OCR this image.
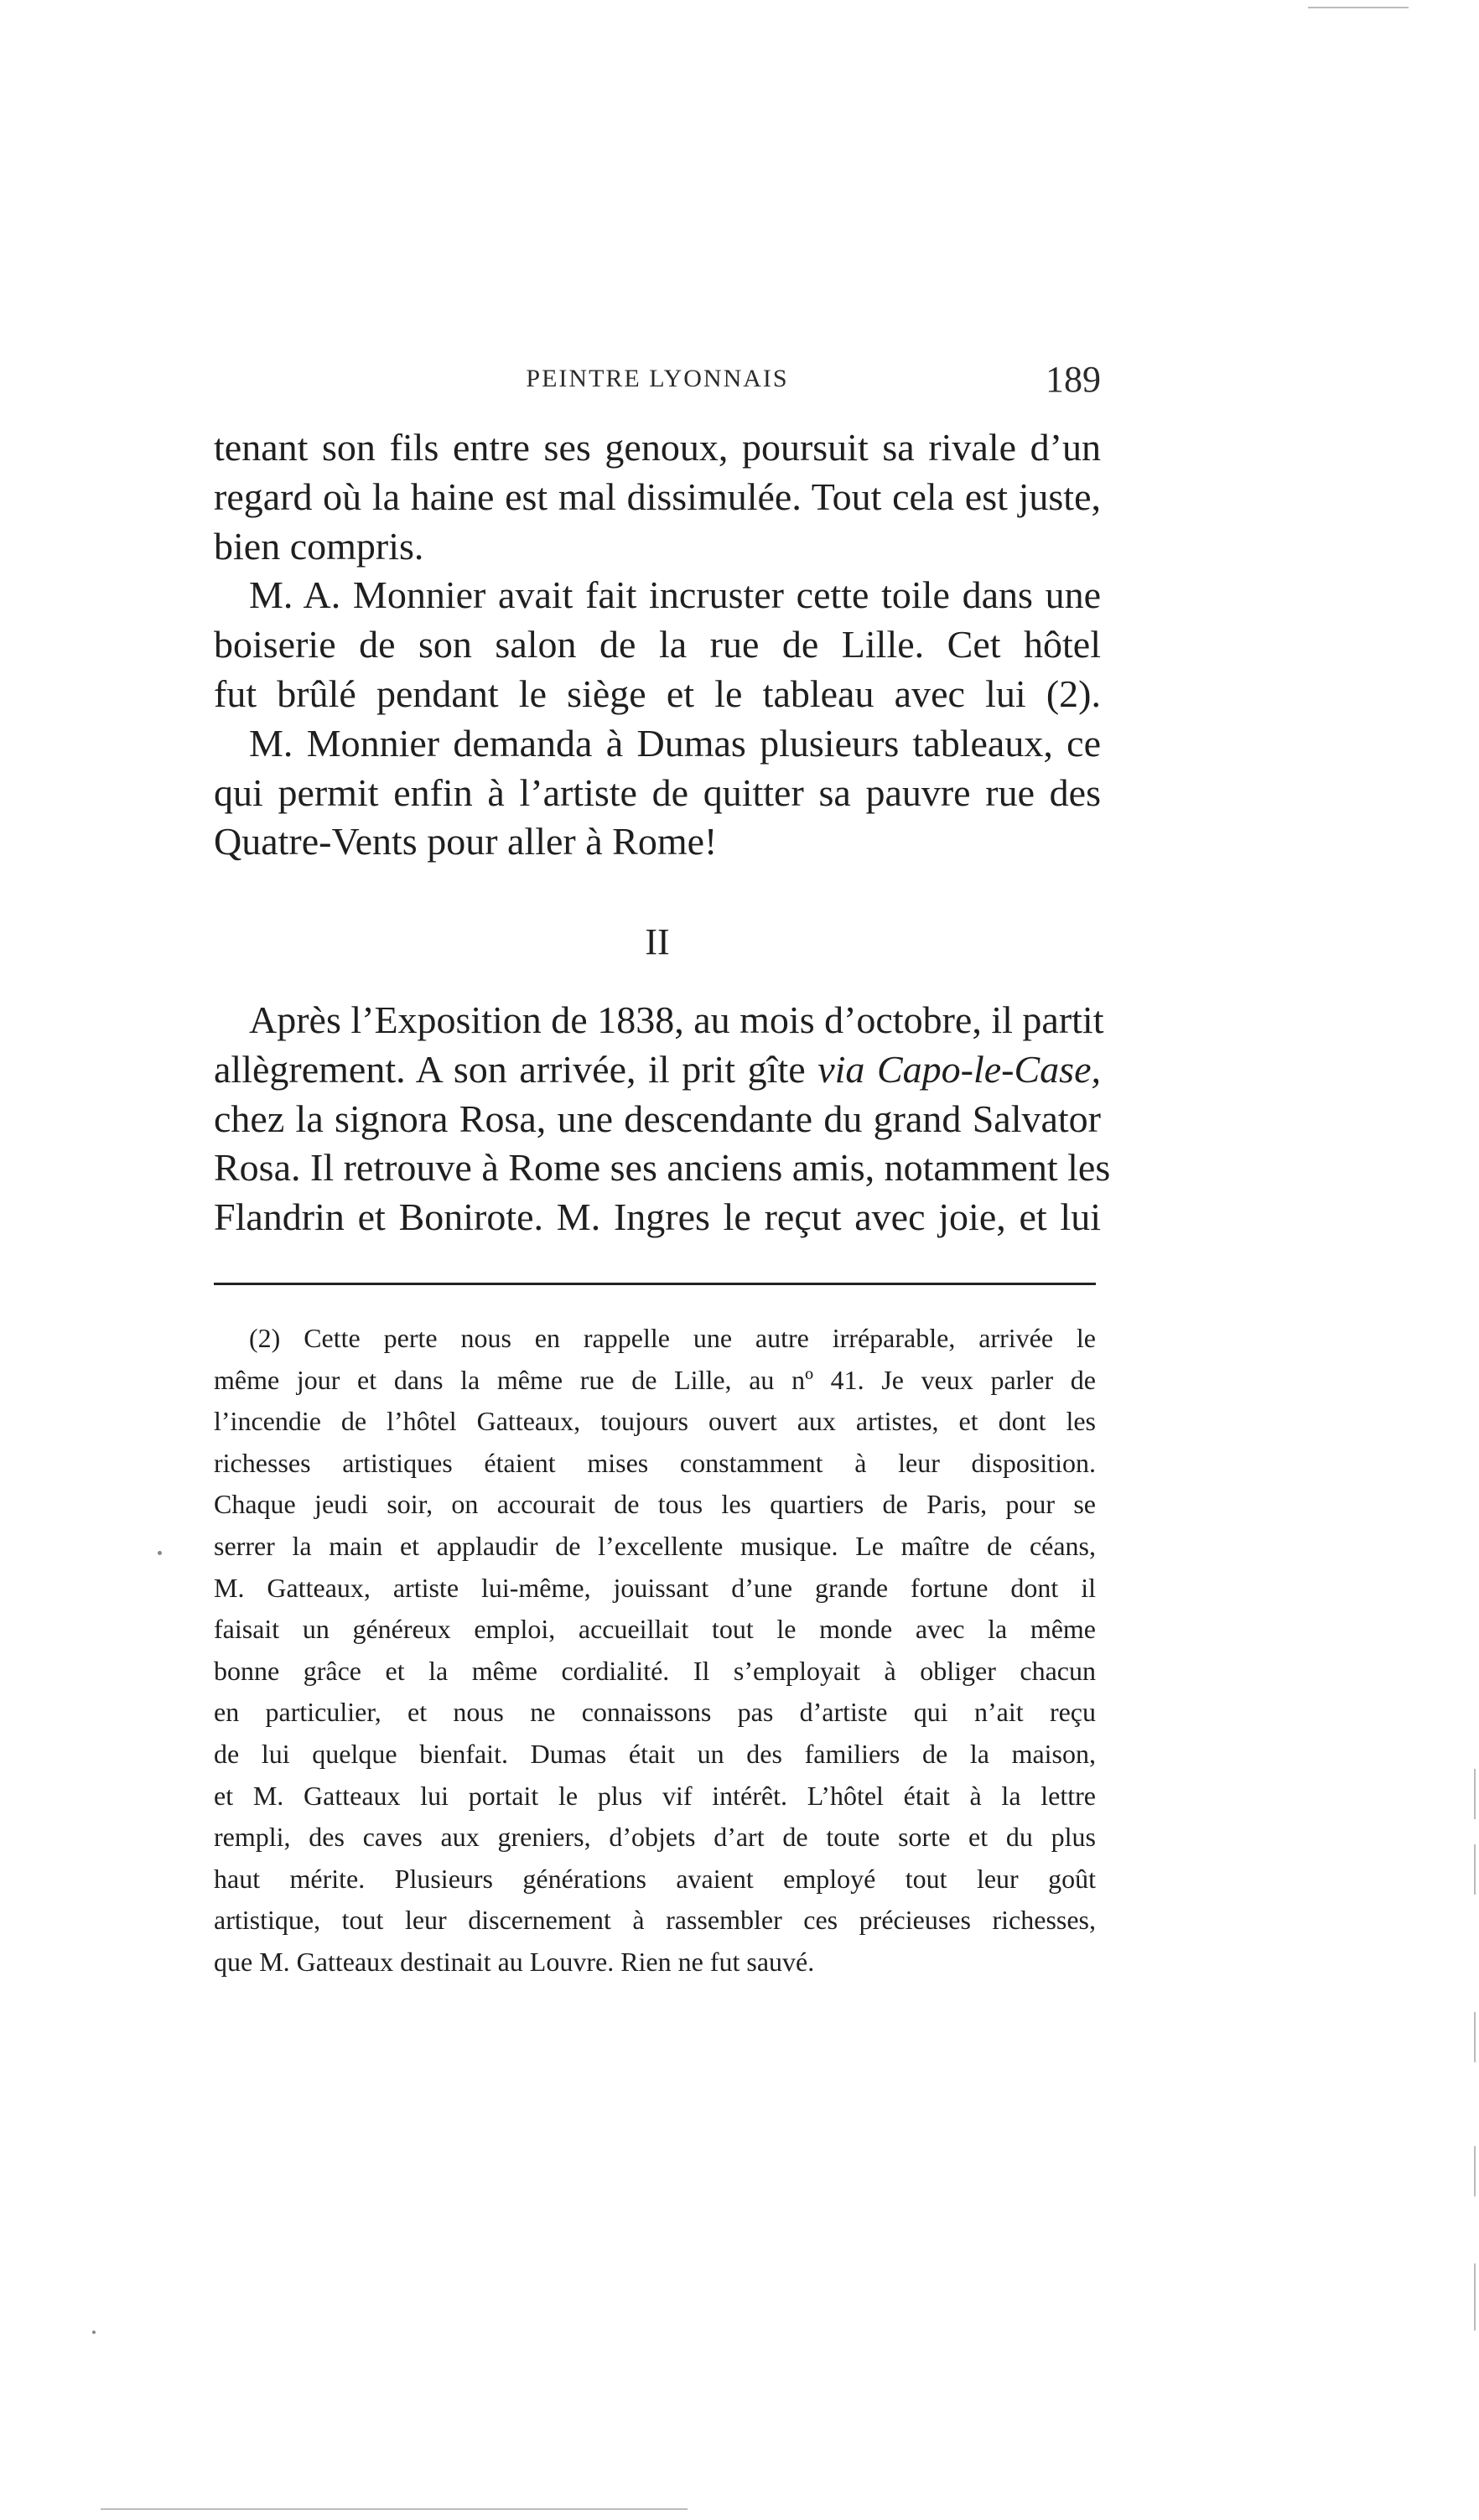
PEINTRE LYONNAIS	189

tenant son fils entre ses genoux, poursuit sa rivale d’un
regard où la haine est mal dissimulée. Tout cela est juste,
bien compris.

M. A. Monnier avait fait incruster cette toile dans une
boiserie de son salon de la rue de Lille. Cet hôtel
fut brûlé pendant le siège et le tableau avec lui (2).

M. Monnier demanda à Dumas plusieurs tableaux, ce
qui permit enfin à l’artiste de quitter sa pauvre rue des
Quatre-Vents pour aller à Rome!

II

Après l’Exposition de 1838, au mois d’octobre, il partit
allègrement. A son arrivée, il prit gîte via Capo-le-Case,
chez la signora Rosa, une descendante du grand Salvator
Rosa. Il retrouve à Rome ses anciens amis, notamment les
Flandrin et Bonirote. M. Ingres le reçut avec joie, et lui

(2) Cette perte nous en rappelle une autre irréparable, arrivée le
même jour et dans la même rue de Lille, au nº 41. Je veux parler de
l’incendie de l’hôtel Gatteaux, toujours ouvert aux artistes, et dont les
richesses artistiques étaient mises constamment à leur disposition.
Chaque jeudi soir, on accourait de tous les quartiers de Paris, pour se
serrer la main et applaudir de l’excellente musique. Le maître de céans,
M. Gatteaux, artiste lui-même, jouissant d’une grande fortune dont il
faisait un généreux emploi, accueillait tout le monde avec la même
bonne grâce et la même cordialité. Il s’employait à obliger chacun
en particulier, et nous ne connaissons pas d’artiste qui n’ait reçu
de lui quelque bienfait. Dumas était un des familiers de la maison,
et M. Gatteaux lui portait le plus vif intérêt. L’hôtel était à la lettre
rempli, des caves aux greniers, d’objets d’art de toute sorte et du plus
haut mérite. Plusieurs générations avaient employé tout leur goût
artistique, tout leur discernement à rassembler ces précieuses richesses,
que M. Gatteaux destinait au Louvre. Rien ne fut sauvé.
